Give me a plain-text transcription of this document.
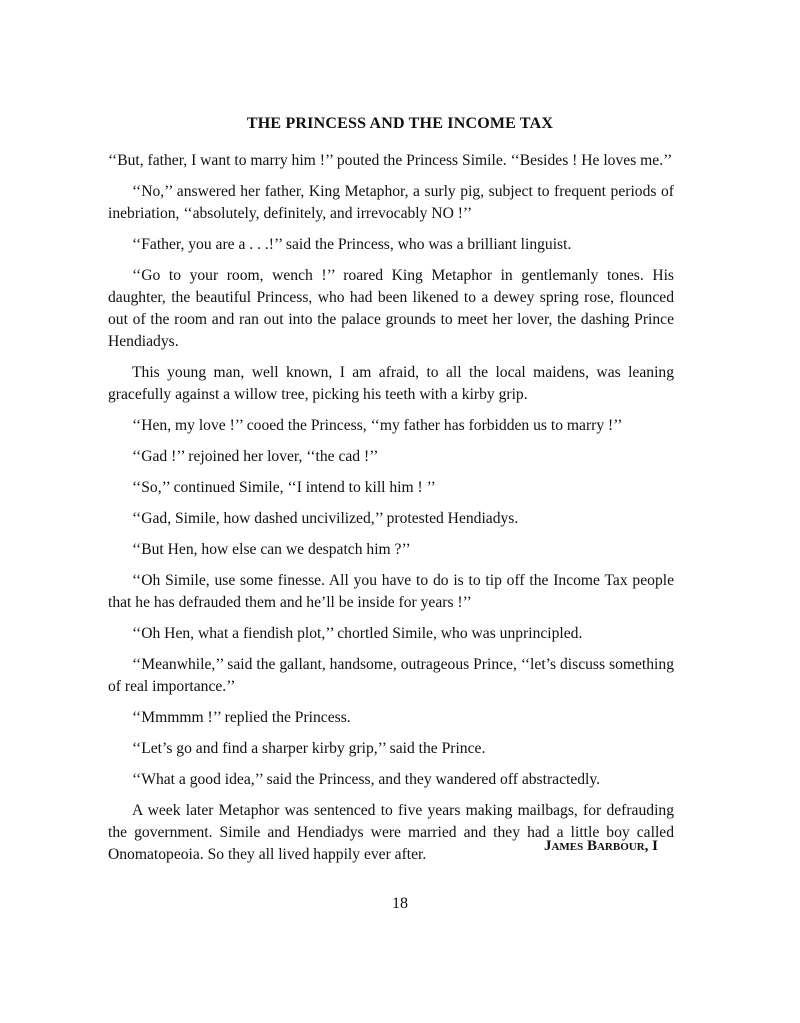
THE PRINCESS AND THE INCOME TAX

‘‘But, father, I want to marry him !’’ pouted the Princess Simile. ‘‘Besides ! He loves me.’’

‘‘No,’’ answered her father, King Metaphor, a surly pig, subject to frequent periods of inebriation, ‘‘absolutely, definitely, and irrevocably NO !’’

‘‘Father, you are a . . .!’’ said the Princess, who was a brilliant linguist.

‘‘Go to your room, wench !’’ roared King Metaphor in gentlemanly tones. His daughter, the beautiful Princess, who had been likened to a dewey spring rose, flounced out of the room and ran out into the palace grounds to meet her lover, the dashing Prince Hendiadys.

This young man, well known, I am afraid, to all the local maidens, was leaning gracefully against a willow tree, picking his teeth with a kirby grip.

‘‘Hen, my love !’’ cooed the Princess, ‘‘my father has forbidden us to marry !’’

‘‘Gad !’’ rejoined her lover, ‘‘the cad !’’

‘‘So,’’ continued Simile, ‘‘I intend to kill him ! ’’

‘‘Gad, Simile, how dashed uncivilized,’’ protested Hendiadys.

‘‘But Hen, how else can we despatch him ?’’

‘‘Oh Simile, use some finesse. All you have to do is to tip off the Income Tax people that he has defrauded them and he’ll be inside for years !’’

‘‘Oh Hen, what a fiendish plot,’’ chortled Simile, who was unprincipled.

‘‘Meanwhile,’’ said the gallant, handsome, outrageous Prince, ‘‘let’s discuss something of real importance.’’

‘‘Mmmmm !’’ replied the Princess.

‘‘Let’s go and find a sharper kirby grip,’’ said the Prince.

‘‘What a good idea,’’ said the Princess, and they wandered off abstractedly.

A week later Metaphor was sentenced to five years making mailbags, for defrauding the government. Simile and Hendiadys were married and they had a little boy called Onomatopeoia. So they all lived happily ever after.	James Barbour, I

18
